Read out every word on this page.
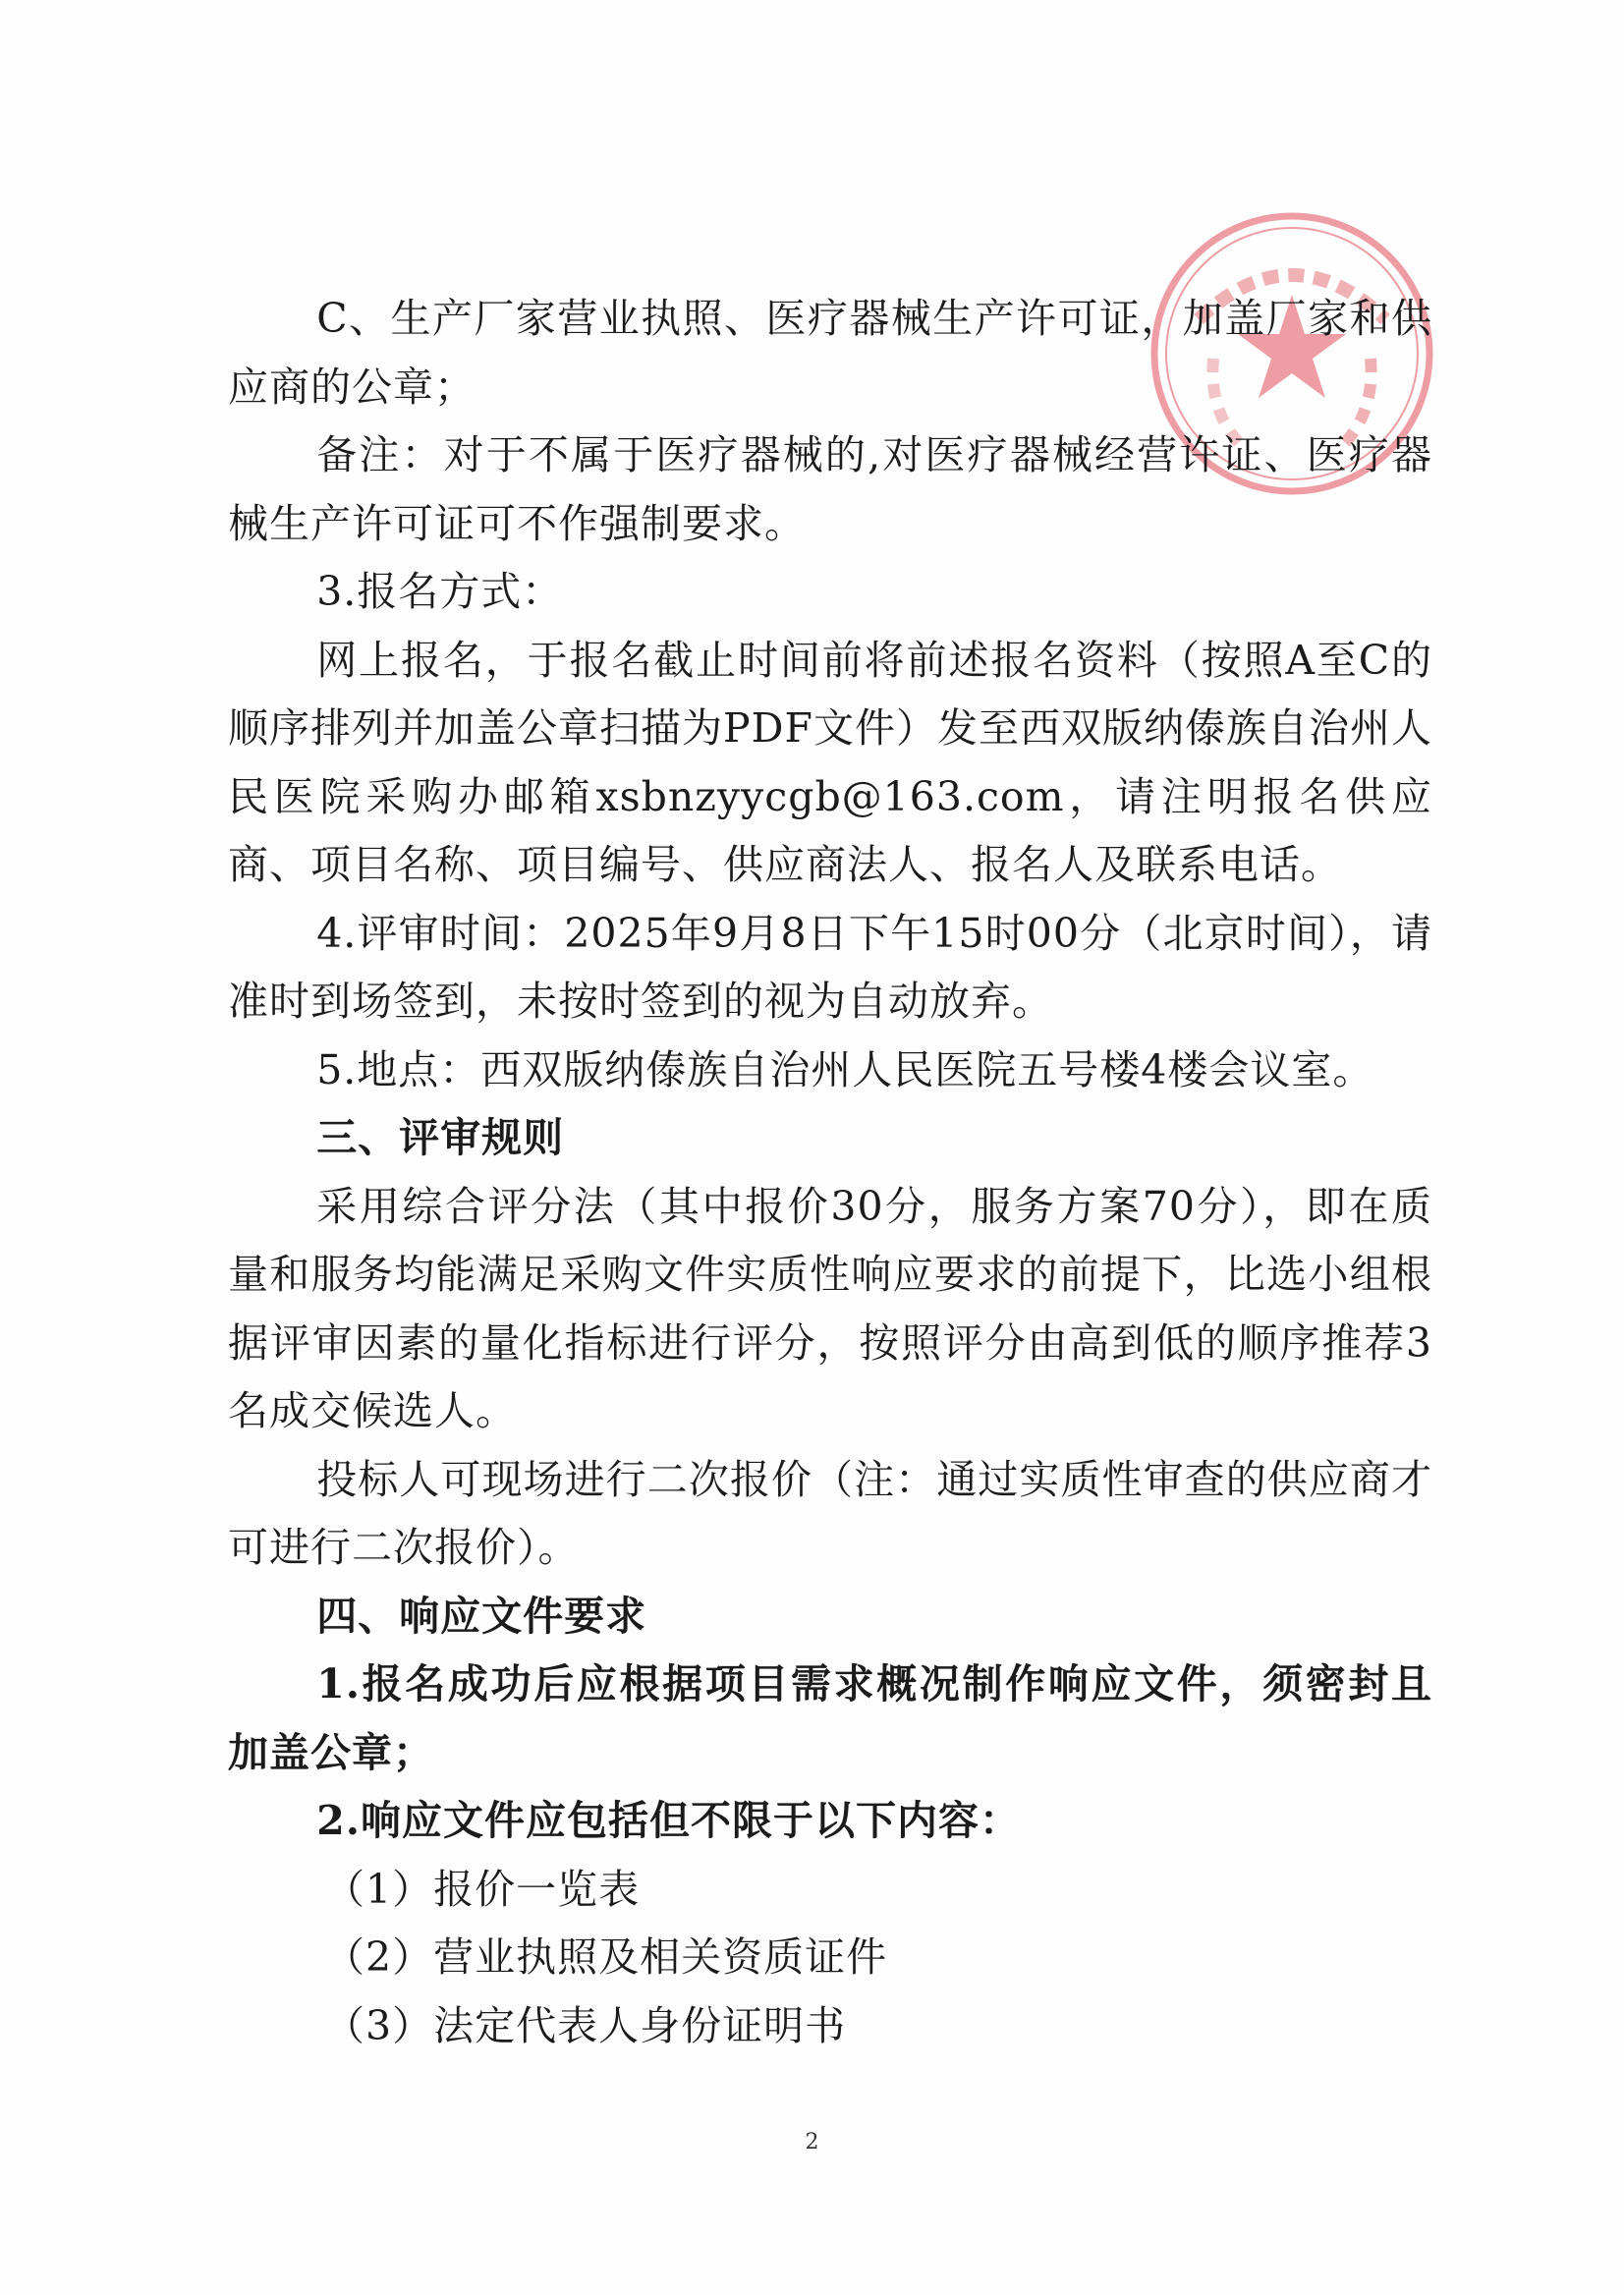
C、生产厂家营业执照、医疗器械生产许可证，加盖厂家和供应商的公章；

备注：对于不属于医疗器械的,对医疗器械经营许证、医疗器械生产许可证可不作强制要求。

3.报名方式：

网上报名，于报名截止时间前将前述报名资料（按照A至C的顺序排列并加盖公章扫描为PDF文件）发至西双版纳傣族自治州人民医院采购办邮箱xsbnzyycgb@163.com，请注明报名供应商、项目名称、项目编号、供应商法人、报名人及联系电话。

4.评审时间：2025年9月8日下午15时00分（北京时间），请准时到场签到，未按时签到的视为自动放弃。

5.地点：西双版纳傣族自治州人民医院五号楼4楼会议室。

三、评审规则

采用综合评分法（其中报价30分，服务方案70分），即在质量和服务均能满足采购文件实质性响应要求的前提下，比选小组根据评审因素的量化指标进行评分，按照评分由高到低的顺序推荐3名成交候选人。

投标人可现场进行二次报价（注：通过实质性审查的供应商才可进行二次报价）。

四、响应文件要求

1.报名成功后应根据项目需求概况制作响应文件，须密封且加盖公章；

2.响应文件应包括但不限于以下内容：

（1）报价一览表

（2）营业执照及相关资质证件

（3）法定代表人身份证明书

2
